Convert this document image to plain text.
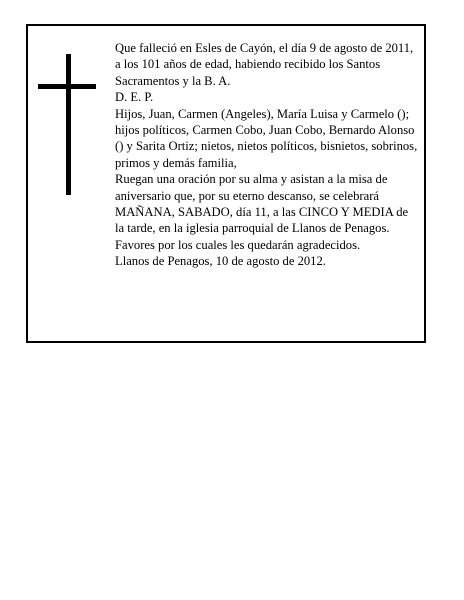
Que falleció en Esles de Cayón, el día 9 de agosto de 2011, a los 101 años de edad, habiendo recibido los Santos Sacramentos y la B. A.

D. E. P.

Hijos, Juan, Carmen (Angeles), María Luisa y Carmelo (); hijos políticos, Carmen Cobo, Juan Cobo, Bernardo Alonso () y Sarita Ortiz; nietos, nietos políticos, bisnietos, sobrinos, primos y demás familia,

Ruegan una oración por su alma y asistan a la misa de aniversario que, por su eterno descanso, se celebrará MAÑANA, SABADO, día 11, a las CINCO Y MEDIA de la tarde, en la iglesia parroquial de Llanos de Penagos. Favores por los cuales les quedarán agradecidos.

Llanos de Penagos, 10 de agosto de 2012.
